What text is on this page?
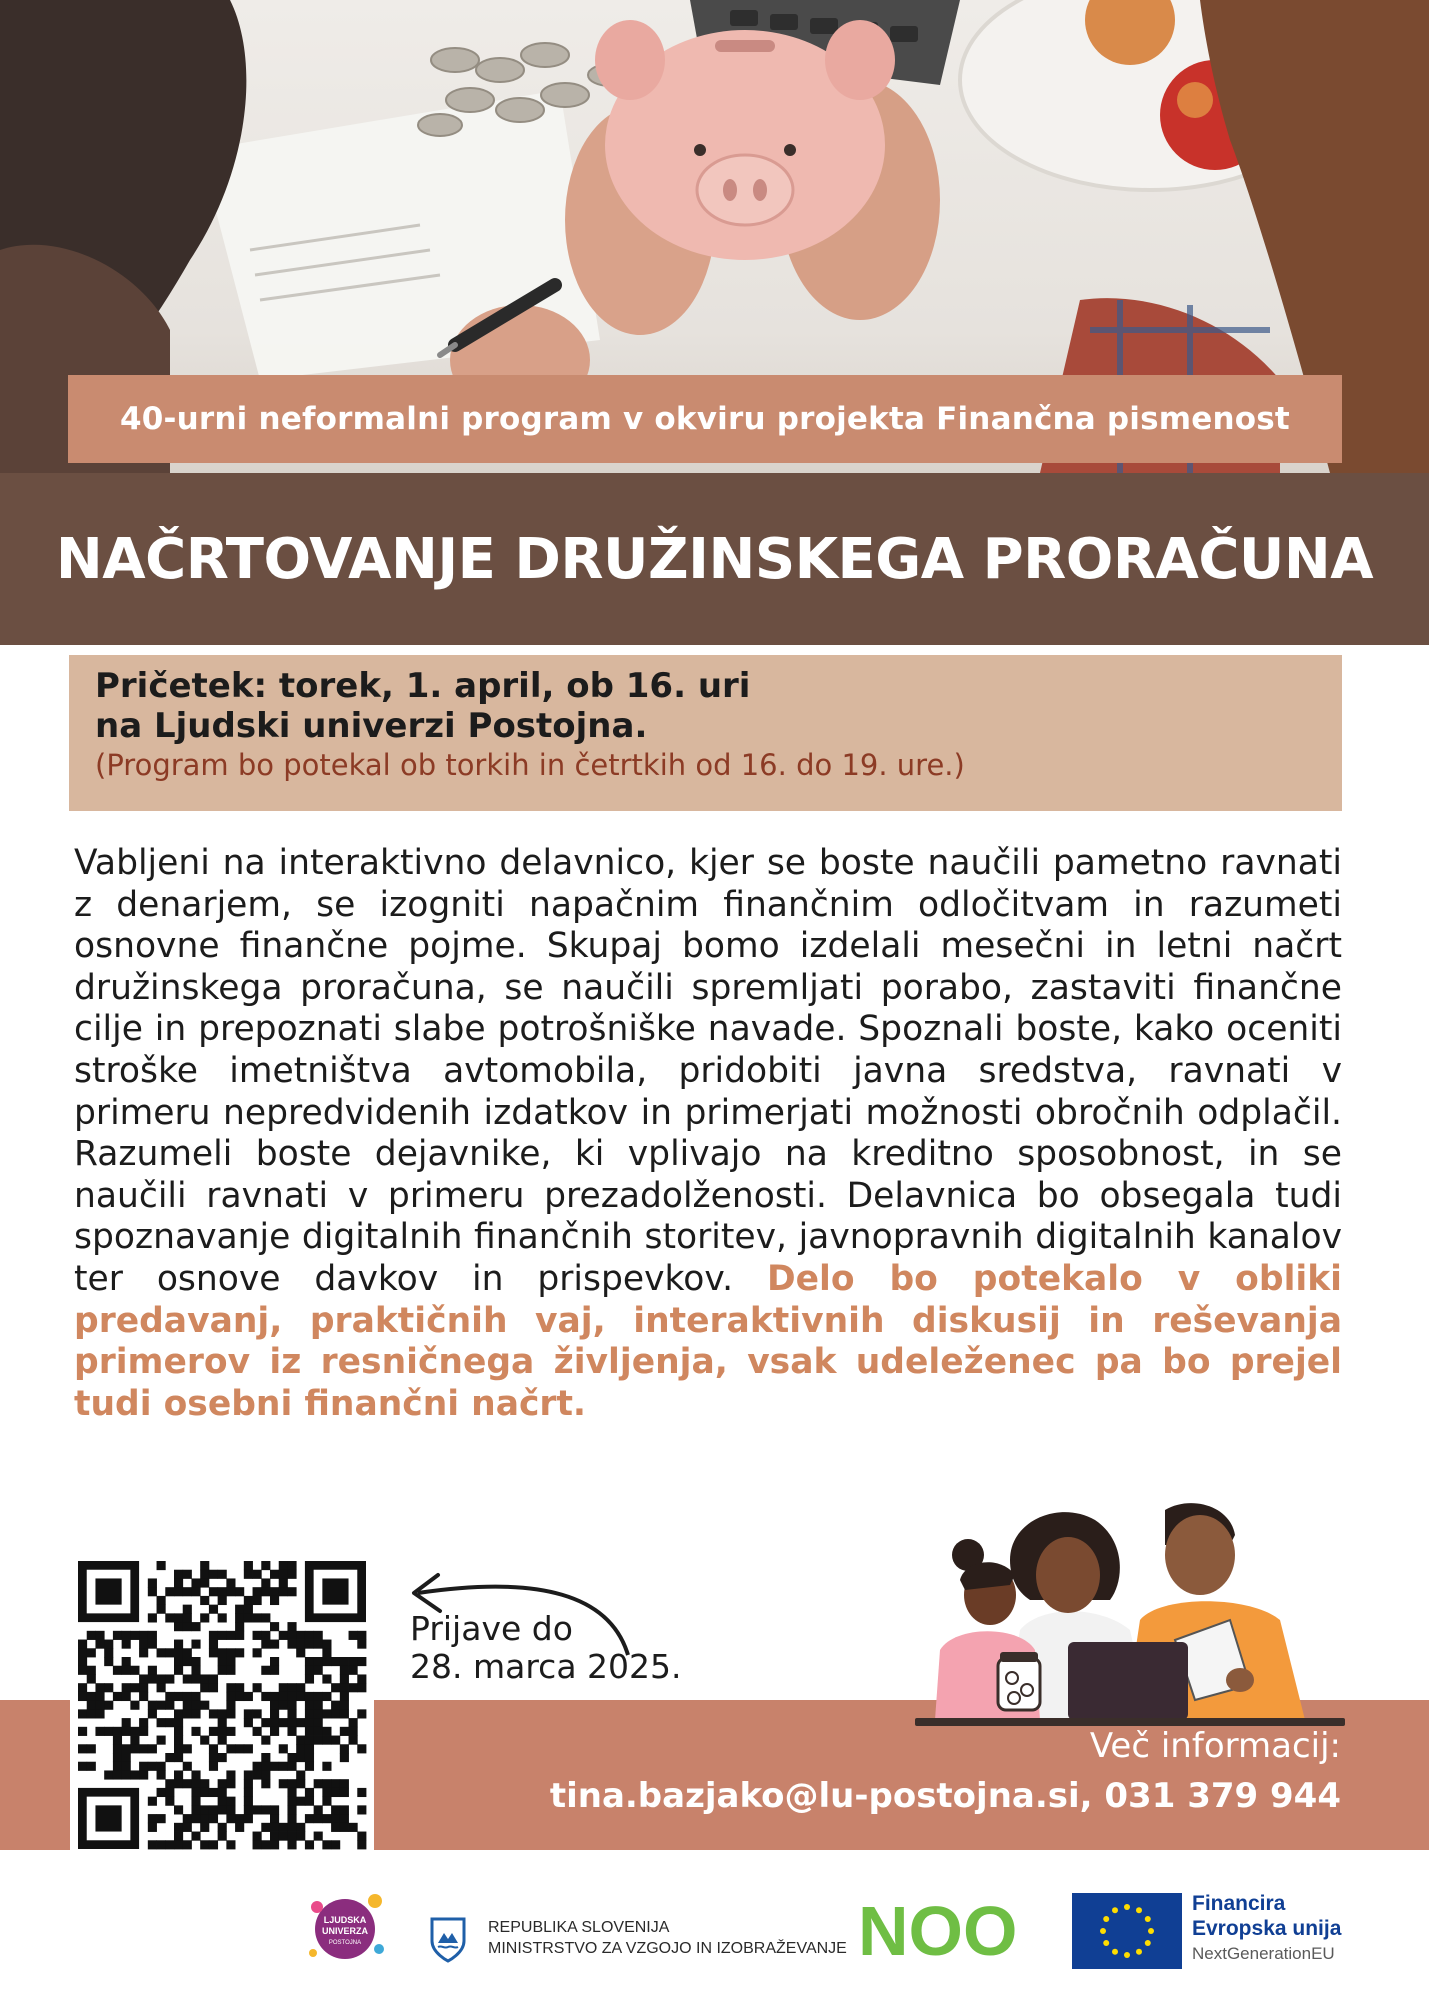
40-urni neformalni program v okviru projekta Finančna pismenost
NAČRTOVANJE DRUŽINSKEGA PRORAČUNA
Pričetek: torek, 1. april, ob 16. uri
na Ljudski univerzi Postojna.
(Program bo potekal ob torkih in četrtkih od 16. do 19. ure.)
Vabljeni na interaktivno delavnico, kjer se boste naučili pametno ravnati z denarjem, se izogniti napačnim finančnim odločitvam in razumeti osnovne finančne pojme. Skupaj bomo izdelali mesečni in letni načrt družinskega proračuna, se naučili spremljati porabo, zastaviti finančne cilje in prepoznati slabe potrošniške navade. Spoznali boste, kako oceniti stroške imetništva avtomobila, pridobiti javna sredstva, ravnati v primeru nepredvidenih izdatkov in primerjati možnosti obročnih odplačil. Razumeli boste dejavnike, ki vplivajo na kreditno sposobnost, in se naučili ravnati v primeru prezadolženosti. Delavnica bo obsegala tudi spoznavanje digitalnih finančnih storitev, javnopravnih digitalnih kanalov ter osnove davkov in prispevkov. Delo bo potekalo v obliki predavanj, praktičnih vaj, interaktivnih diskusij in reševanja primerov iz resničnega življenja, vsak udeleženec pa bo prejel tudi osebni finančni načrt.
Več informacij:
tina.bazjako@lu-postojna.si, 031 379 944
Prijave do
28. marca 2025.
LJUDSKA
UNIVERZA
POSTOJNA
REPUBLIKA SLOVENIJA
MINISTRSTVO ZA VZGOJO IN IZOBRAŽEVANJE NOO	Financira
Evropska unija
NextGenerationEU
